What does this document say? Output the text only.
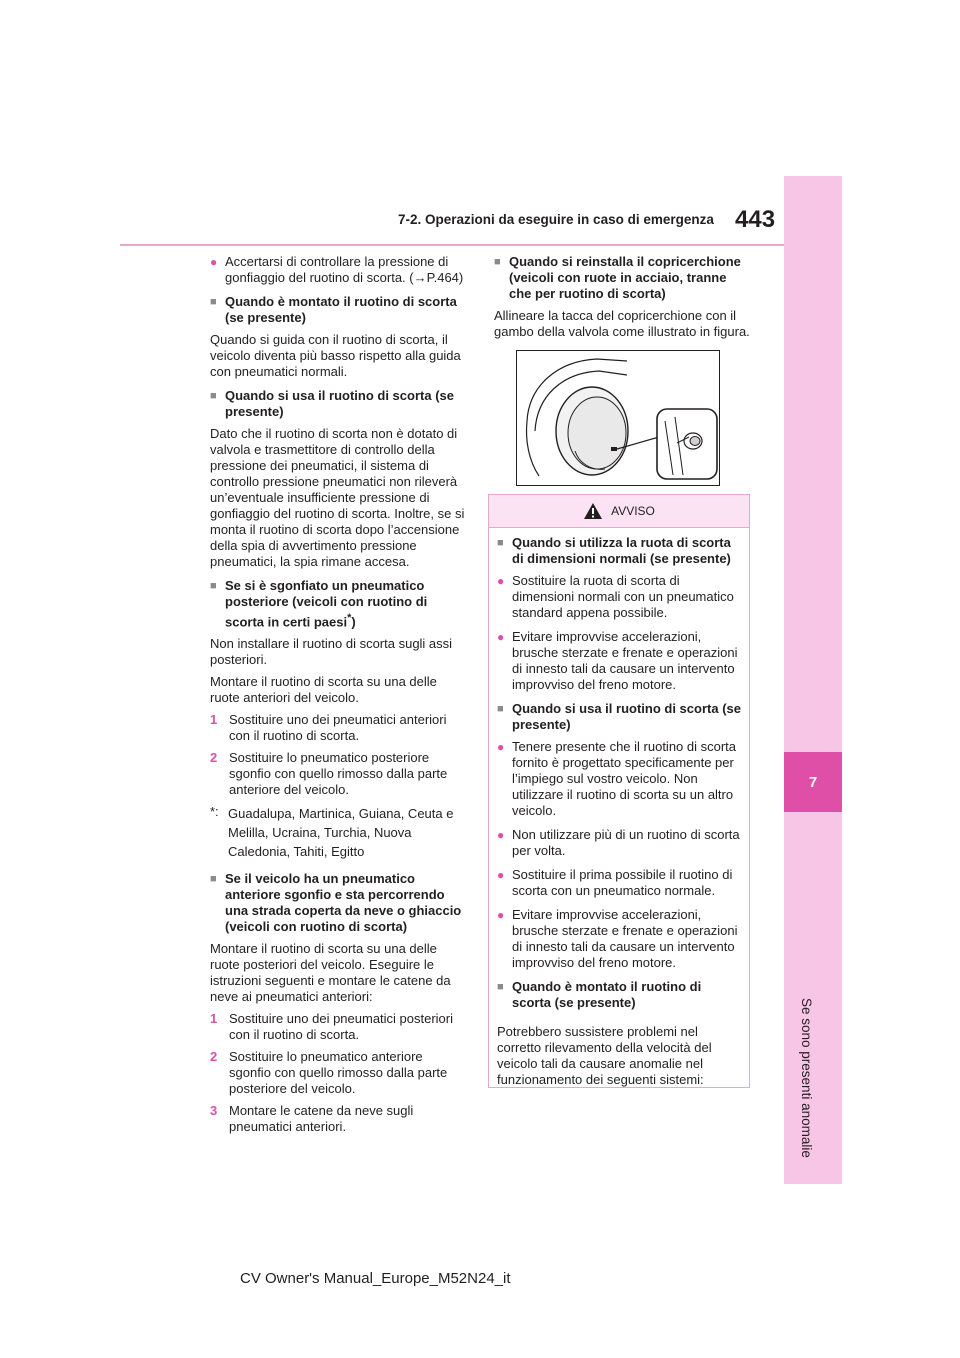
7-2. Operazioni da eseguire in caso di emergenza 443
7
Se sono presenti anomalie
● Accertarsi di controllare la pressione di gonfiaggio del ruotino di scorta. (→P.464)
■ Quando è montato il ruotino di scorta (se presente)

Quando si guida con il ruotino di scorta, il veicolo diventa più basso rispetto alla guida con pneumatici normali.

■ Quando si usa il ruotino di scorta (se presente)

Dato che il ruotino di scorta non è dotato di valvola e trasmettitore di controllo della pressione dei pneumatici, il sistema di controllo pressione pneumatici non rileverà un’eventuale insufficiente pressione di gonfiaggio del ruotino di scorta. Inoltre, se si monta il ruotino di scorta dopo l’accensione della spia di avvertimento pressione pneumatici, la spia rimane accesa.

■ Se si è sgonfiato un pneumatico posteriore (veicoli con ruotino di scorta in certi paesi*)

Non installare il ruotino di scorta sugli assi posteriori.

Montare il ruotino di scorta su una delle ruote anteriori del veicolo.

1 Sostituire uno dei pneumatici anteriori con il ruotino di scorta.
2 Sostituire lo pneumatico posteriore sgonfio con quello rimosso dalla parte anteriore del veicolo.
*: Guadalupa, Martinica, Guiana, Ceuta e Melilla, Ucraina, Turchia, Nuova Caledonia, Tahiti, Egitto
■ Se il veicolo ha un pneumatico anteriore sgonfio e sta percorrendo una strada coperta da neve o ghiaccio (veicoli con ruotino di scorta)

Montare il ruotino di scorta su una delle ruote posteriori del veicolo. Eseguire le istruzioni seguenti e montare le catene da neve ai pneumatici anteriori:

1 Sostituire uno dei pneumatici posteriori con il ruotino di scorta.
2 Sostituire lo pneumatico anteriore sgonfio con quello rimosso dalla parte posteriore del veicolo.
3 Montare le catene da neve sugli pneumatici anteriori.
■ Quando si reinstalla il copricerchione (veicoli con ruote in acciaio, tranne che per ruotino di scorta)

Allineare la tacca del copricerchione con il gambo della valvola come illustrato in figura.

AVVISO
■ Quando si utilizza la ruota di scorta di dimensioni normali (se presente)
● Sostituire la ruota di scorta di dimensioni normali con un pneumatico standard appena possibile.
● Evitare improvvise accelerazioni, brusche sterzate e frenate e operazioni di innesto tali da causare un intervento improvviso del freno motore.
■ Quando si usa il ruotino di scorta (se presente)
● Tenere presente che il ruotino di scorta fornito è progettato specificamente per l’impiego sul vostro veicolo. Non utilizzare il ruotino di scorta su un altro veicolo.
● Non utilizzare più di un ruotino di scorta per volta.
● Sostituire il prima possibile il ruotino di scorta con un pneumatico normale.
● Evitare improvvise accelerazioni, brusche sterzate e frenate e operazioni di innesto tali da causare un intervento improvviso del freno motore.
■ Quando è montato il ruotino di scorta (se presente)

Potrebbero sussistere problemi nel corretto rilevamento della velocità del veicolo tali da causare anomalie nel funzionamento dei seguenti sistemi:

CV Owner's Manual_Europe_M52N24_it
